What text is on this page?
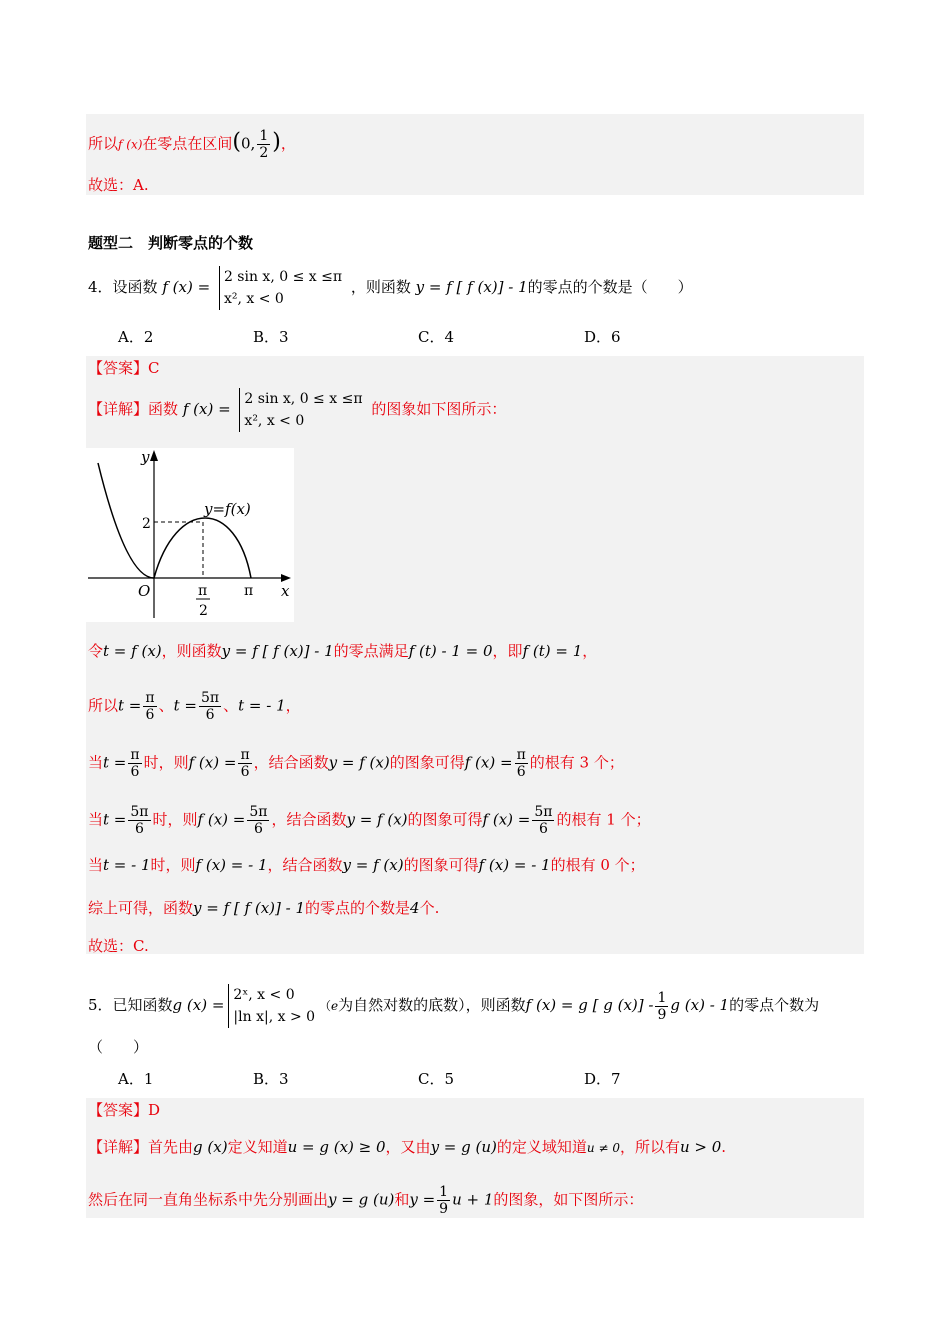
所以f (x)在零点在区间(0, $\frac{1}{2}$ )，
故选：A.
题型二　判断零点的个数
4．设函数 f (x) =
2 sin x, 0 ≤ x ≤π
x², x < 0
，则函数 y = f [ f (x)] - 1的零点的个数是（　　）
A．2	B．3	C．4	D．6
【答案】C
【详解】函数 f (x) =
2 sin x, 0 ≤ x ≤π
x², x < 0
的图象如下图所示：
y
x
O
y=f(x)
2
π
2
π
令t = f (x)，则函数y = f [ f (x)] - 1的零点满足f (t) - 1 = 0，即f (t) = 1，
所以$t = \frac{\pi}{6}$ 、$t = \frac{5\pi}{6}$ 、t = - 1，
当$t = \frac{\pi}{6}$ 时，则f $(x) = \frac{\pi}{6}$ ，结合函数y = f (x)的图象可得f $(x) = \frac{\pi}{6}$ 的根有 3 个；
当$t = \frac{5\pi}{6}$ 时，则f $(x) = \frac{5\pi}{6}$ ，结合函数y = f (x)的图象可得f $(x) = \frac{5\pi}{6}$ 的根有 1 个；
当t = - 1时，则f (x) = - 1，结合函数y = f (x)的图象可得f (x) = - 1的根有 0 个；
综上可得，函数y = f [ f (x)] - 1的零点的个数是4个.
故选：C.
5．已知函数g (x) =
2ˣ, x < 0
|ln x|, x > 0
（e为自然对数的底数），则函数f (x) = g [ g $(x)] - \frac{1}{9}$ g (x) - 1的零点个数为
（　　）
A．1	B．3	C．5	D．7
【答案】D
【详解】首先由g (x)定义知道u = g (x) ≥ 0，又由y = g (u)的定义域知道u ≠ 0，所以有u > 0.
然后在同一直角坐标系中先分别画出y = g (u)和$y = \frac{1}{9}$ u + 1的图象，如下图所示：
